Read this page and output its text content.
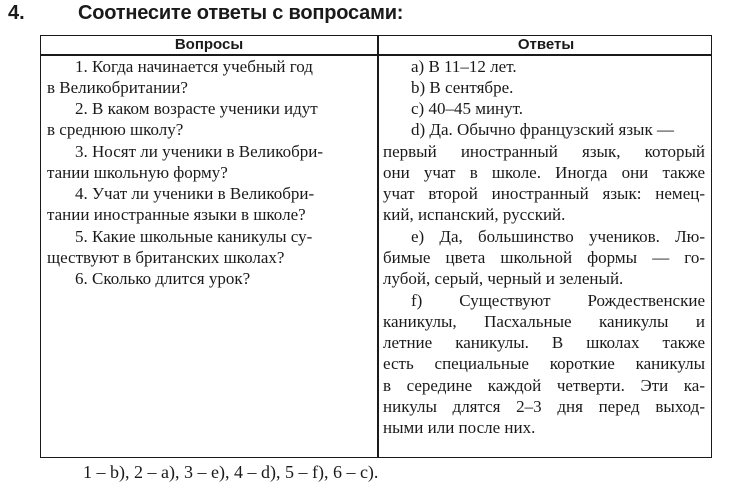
4.	Соотнесите ответы с вопросами:
Вопросы	Ответы
1. Когда начинается учебный год
в Великобритании?
2. В каком возрасте ученики идут
в среднюю школу?
3. Носят ли ученики в Великобри-
тании школьную форму?
4. Учат ли ученики в Великобри-
тании иностранные языки в школе?
5. Какие школьные каникулы су-
ществуют в британских школах?
6. Сколько длится урок?
a) В 11–12 лет.
b) В сентябре.
c) 40–45 минут.
d) Да. Обычно французский язык —
первый иностранный язык, который
они учат в школе. Иногда они также
учат второй иностранный язык: немец-
кий, испанский, русский.
e) Да, большинство учеников. Лю-
бимые цвета школьной формы — го-
лубой, серый, черный и зеленый.
f) Существуют Рождественские
каникулы, Пасхальные каникулы и
летние каникулы. В школах также
есть специальные короткие каникулы
в середине каждой четверти. Эти ка-
никулы длятся 2–3 дня перед выход-
ными или после них.
1 – b), 2 – a), 3 – e), 4 – d), 5 – f), 6 – c).
